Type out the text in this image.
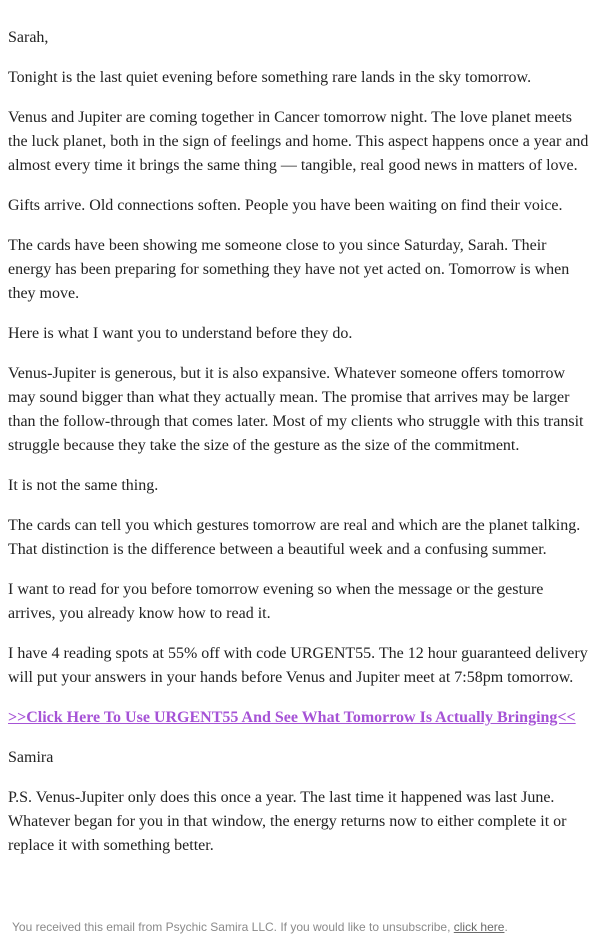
Sarah,

Tonight is the last quiet evening before something rare lands in the sky tomorrow.

Venus and Jupiter are coming together in Cancer tomorrow night. The love planet meets the luck planet, both in the sign of feelings and home. This aspect happens once a year and almost every time it brings the same thing — tangible, real good news in matters of love.

Gifts arrive. Old connections soften. People you have been waiting on find their voice.

The cards have been showing me someone close to you since Saturday, Sarah. Their energy has been preparing for something they have not yet acted on. Tomorrow is when they move.

Here is what I want you to understand before they do.

Venus-Jupiter is generous, but it is also expansive. Whatever someone offers tomorrow may sound bigger than what they actually mean. The promise that arrives may be larger than the follow-through that comes later. Most of my clients who struggle with this transit struggle because they take the size of the gesture as the size of the commitment.

It is not the same thing.

The cards can tell you which gestures tomorrow are real and which are the planet talking. That distinction is the difference between a beautiful week and a confusing summer.

I want to read for you before tomorrow evening so when the message or the gesture arrives, you already know how to read it.

I have 4 reading spots at 55% off with code URGENT55. The 12 hour guaranteed delivery will put your answers in your hands before Venus and Jupiter meet at 7:58pm tomorrow.

>>Click Here To Use URGENT55 And See What Tomorrow Is Actually Bringing<<

Samira

P.S. Venus-Jupiter only does this once a year. The last time it happened was last June. Whatever began for you in that window, the energy returns now to either complete it or replace it with something better.

You received this email from Psychic Samira LLC. If you would like to unsubscribe, click here.
